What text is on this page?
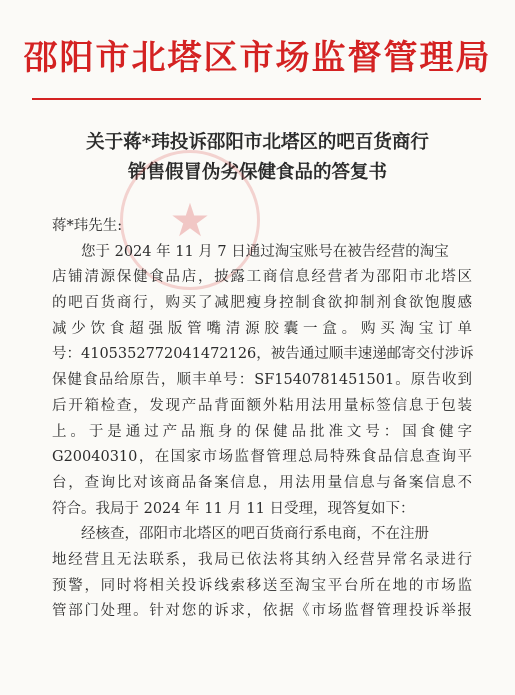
邵阳市北塔区市场监督管理局
关于蒋*玮投诉邵阳市北塔区的吧百货商行
销售假冒伪劣保健食品的答复书
★
蒋*玮先生:
您于 2024 年 11 月 7 日通过淘宝账号在被告经营的淘宝
店铺清源保健食品店，披露工商信息经营者为邵阳市北塔区
的吧百货商行，购买了减肥瘦身控制食欲抑制剂食欲饱腹感
减少饮食超强版管嘴清源胶囊一盒。购买淘宝订单
号：4105352772041472126，被告通过顺丰速递邮寄交付涉诉
保健食品给原告，顺丰单号：SF1540781451501。原告收到
后开箱检查，发现产品背面额外粘用法用量标签信息于包装
上。于是通过产品瓶身的保健品批准文号：国食健字
G20040310，在国家市场监督管理总局特殊食品信息查询平
台，查询比对该商品备案信息，用法用量信息与备案信息不
符合。我局于 2024 年 11 月 11 日受理，现答复如下：
经核查，邵阳市北塔区的吧百货商行系电商，不在注册
地经营且无法联系，我局已依法将其纳入经营异常名录进行
预警，同时将相关投诉线索移送至淘宝平台所在地的市场监
管部门处理。针对您的诉求，依据《市场监督管理投诉举报
